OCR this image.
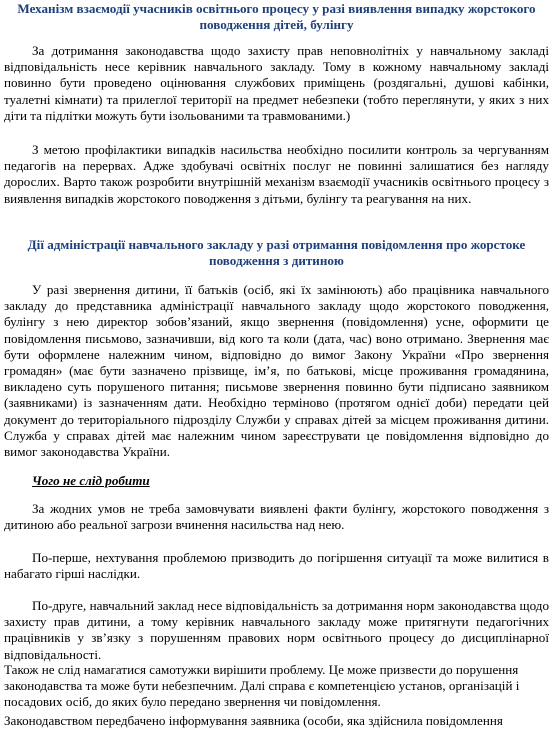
Механізм взаємодії учасників освітнього процесу у разі виявлення випадку жорстокого поводження дітей, булінгу

За дотримання законодавства щодо захисту прав неповнолітніх у навчальному закладі відповідальність несе керівник навчального закладу. Тому в кожному навчальному закладі повинно бути проведено оцінювання службових приміщень (роздягальні, душові кабінки, туалетні кімнати) та прилеглої території на предмет небезпеки (тобто переглянути, у яких з них діти та підлітки можуть бути ізольованими та травмованими.)

З метою профілактики випадків насильства необхідно посилити контроль за чергуванням педагогів на перервах. Адже здобувачі освітніх послуг не повинні залишатися без нагляду дорослих. Варто також розробити внутрішній механізм взаємодії учасників освітнього процесу з виявлення випадків жорстокого поводження з дітьми, булінгу та реагування на них.

Дії адміністрації навчального закладу у разі отримання повідомлення про жорстоке поводження з дитиною

У разі звернення дитини, її батьків (осіб, які їх замінюють) або працівника навчального закладу до представника адміністрації навчального закладу щодо жорстокого поводження, булінгу з нею директор зобов’язаний, якщо звернення (повідомлення) усне, оформити це повідомлення письмово, зазначивши, від кого та коли (дата, час) воно отримано. Звернення має бути оформлене належним чином, відповідно до вимог Закону України «Про звернення громадян» (має бути зазначено прізвище, ім’я, по батькові, місце проживання громадянина, викладено суть порушеного питання; письмове звернення повинно бути підписано заявником (заявниками) із зазначенням дати. Необхідно терміново (протягом однієї доби) передати цей документ до територіального підрозділу Служби у справах дітей за місцем проживання дитини. Служба у справах дітей має належним чином зареєструвати це повідомлення відповідно до вимог законодавства України.

Чого не слід робити

За жодних умов не треба замовчувати виявлені факти булінгу, жорстокого поводження з дитиною або реальної загрози вчинення насильства над нею.

По-перше, нехтування проблемою призводить до погіршення ситуації та може вилитися в набагато гірші наслідки.

По-друге, навчальний заклад несе відповідальність за дотримання норм законодавства щодо захисту прав дитини, а тому керівник навчального закладу може притягнути педагогічних працівників у зв’язку з порушенням правових норм освітнього процесу до дисциплінарної відповідальності.

Також не слід намагатися самотужки вирішити проблему. Це може призвести до порушення законодавства та може бути небезпечним. Далі справа є компетенцією установ, організацій і посадових осіб, до яких було передано звернення чи повідомлення.

Законодавством передбачено інформування заявника (особи, яка здійснила повідомлення
